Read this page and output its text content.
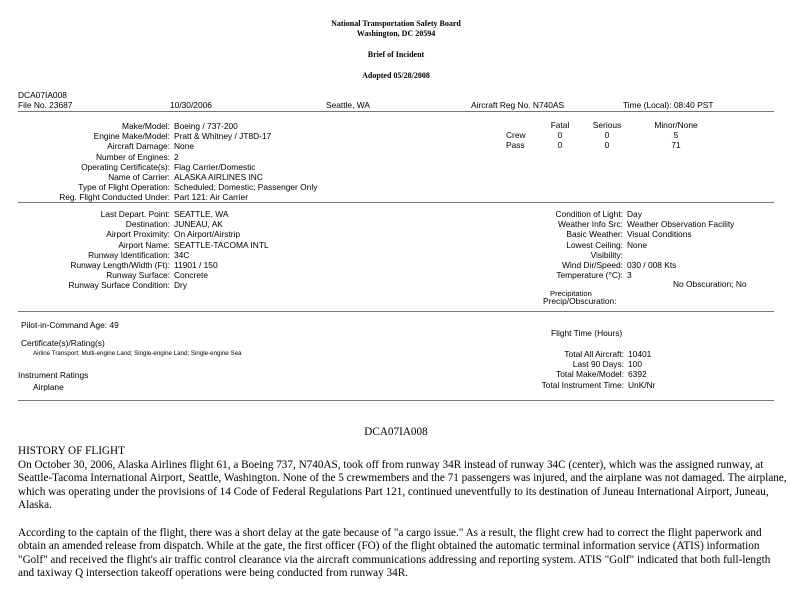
National Transportation Safety Board
Washington, DC 20594
Brief of Incident
Adopted 05/28/2008
DCA07IA008
File No. 23687	10/30/2006	Seattle, WA	Aircraft Reg No. N740AS	Time (Local): 08:40 PST
Make/Model: Boeing / 737-200
Engine Make/Model: Pratt & Whitney / JT8D-17
Aircraft Damage: None
Number of Engines: 2
Operating Certificate(s): Flag Carrier/Domestic
Name of Carrier: ALASKA AIRLINES INC
Type of Flight Operation: Scheduled; Domestic; Passenger Only
Reg. Flight Conducted Under: Part 121: Air Carrier
	Fatal	Serious	Minor/None
Crew	0	0	5
Pass	0	0	71
Last Depart. Point: SEATTLE, WA
Destination: JUNEAU, AK
Airport Proximity: On Airport/Airstrip
Airport Name: SEATTLE-TACOMA INTL
Runway Identification: 34C
Runway Length/Width (Ft): 11901 / 150
Runway Surface: Concrete
Runway Surface Condition: Dry
Condition of Light: Day
Weather Info Src: Weather Observation Facility
Basic Weather: Visual Conditions
Lowest Ceiling: None
Visibility:
Wind Dir/Speed: 030 / 008 Kts
Temperature (°C): 3
No Obscuration; No
Precipitation
Precip/Obscuration:
Pilot-in-Command Age: 49
Certificate(s)/Rating(s)
Airline Transport; Multi-engine Land; Single-engine Land; Single-engine Sea
Instrument Ratings
Airplane
Flight Time (Hours)
Total All Aircraft: 10401
Last 90 Days: 100
Total Make/Model: 6392
Total Instrument Time: UnK/Nr
DCA07IA008

HISTORY OF FLIGHT

On October 30, 2006, Alaska Airlines flight 61, a Boeing 737, N740AS, took off from runway 34R instead of runway 34C (center), which was the assigned runway, at Seattle-Tacoma International Airport, Seattle, Washington. None of the 5 crewmembers and the 71 passengers was injured, and the airplane was not damaged. The airplane, which was operating under the provisions of 14 Code of Federal Regulations Part 121, continued uneventfully to its destination of Juneau International Airport, Juneau, Alaska.

According to the captain of the flight, there was a short delay at the gate because of "a cargo issue." As a result, the flight crew had to correct the flight paperwork and obtain an amended release from dispatch. While at the gate, the first officer (FO) of the flight obtained the automatic terminal information service (ATIS) information "Golf" and received the flight's air traffic control clearance via the aircraft communications addressing and reporting system. ATIS "Golf" indicated that both full-length and taxiway Q intersection takeoff operations were being conducted from runway 34R.
